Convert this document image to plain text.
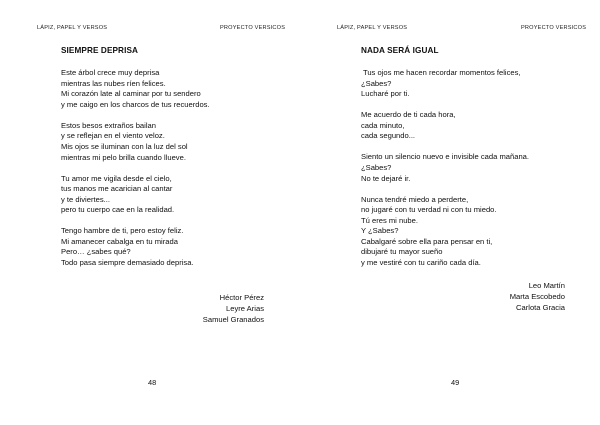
LÁPIZ, PAPEL Y VERSOS	PROYECTO VERSICOS
SIEMPRE DEPRISA
Este árbol crece muy deprisa
mientras las nubes ríen felices.
Mi corazón late al caminar por tu sendero
y me caigo en los charcos de tus recuerdos.
Estos besos extraños bailan
y se reflejan en el viento veloz.
Mis ojos se iluminan con la luz del sol
mientras mi pelo brilla cuando llueve.
Tu amor me vigila desde el cielo,
tus manos me acarician al cantar
y te diviertes...
pero tu cuerpo cae en la realidad.
Tengo hambre de ti, pero estoy feliz.
Mi amanecer cabalga en tu mirada
Pero… ¿sabes qué?
Todo pasa siempre demasiado deprisa.
Héctor Pérez
Leyre Arias
Samuel Granados
48
LÁPIZ, PAPEL Y VERSOS	PROYECTO VERSICOS
NADA SERÁ IGUAL
Tus ojos me hacen recordar momentos felices,
¿Sabes?
Lucharé por ti.
Me acuerdo de ti cada hora,
cada minuto,
cada segundo...
Siento un silencio nuevo e invisible cada mañana.
¿Sabes?
No te dejaré ir.
Nunca tendré miedo a perderte,
no jugaré con tu verdad ni con tu miedo.
Tú eres mi nube.
Y ¿Sabes?
Cabalgaré sobre ella para pensar en ti,
dibujaré tu mayor sueño
y me vestiré con tu cariño cada día.
Leo Martín
Marta Escobedo
Carlota Gracia
49
